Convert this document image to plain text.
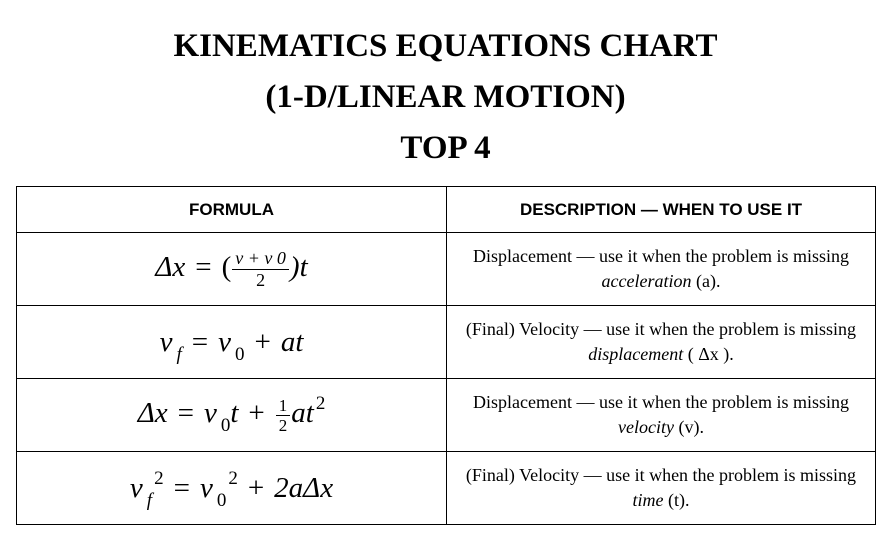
KINEMATICS EQUATIONS CHART
(1-D/LINEAR MOTION)
TOP 4
FORMULA	DESCRIPTION — WHEN TO USE IT
Δx = ( $\frac{v + v 0}{2} )t$	Displacement — use it when the problem is missing acceleration (a).

v $_f$ = v $_0$ + at	(Final) Velocity — use it when the problem is missing displacement ( Δx ).

Δx = v $_0t + \frac{1}{2}$ at $^2$	Displacement — use it when the problem is missing velocity (v).

v $_f^2$ = v $_0^2$ + 2aΔx	(Final) Velocity — use it when the problem is missing time (t).
